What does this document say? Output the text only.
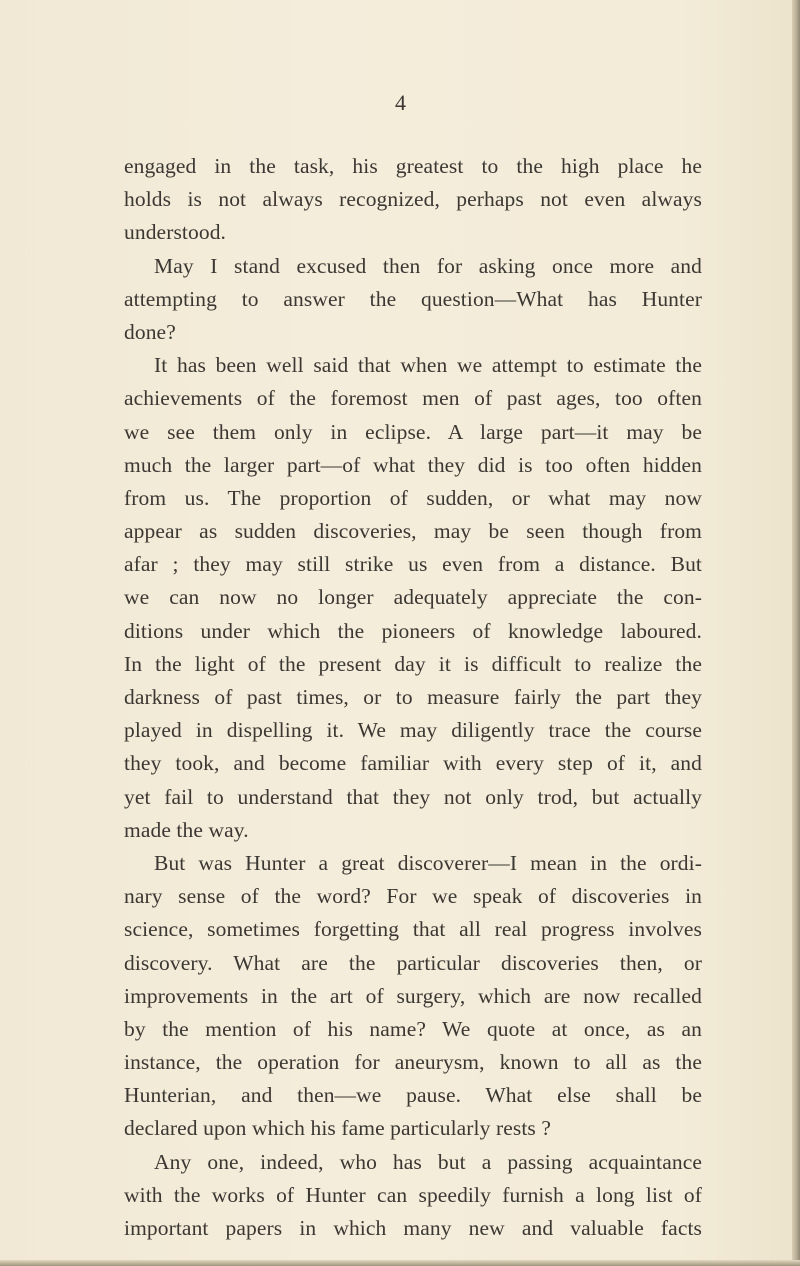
4
engaged in the task, his greatest to the high place he
holds is not always recognized, perhaps not even always
understood.
May I stand excused then for asking once more and
attempting to answer the question—What has Hunter
done?
It has been well said that when we attempt to estimate the
achievements of the foremost men of past ages, too often
we see them only in eclipse. A large part—it may be
much the larger part—of what they did is too often hidden
from us. The proportion of sudden, or what may now
appear as sudden discoveries, may be seen though from
afar ; they may still strike us even from a distance. But
we can now no longer adequately appreciate the con-
ditions under which the pioneers of knowledge laboured.
In the light of the present day it is difficult to realize the
darkness of past times, or to measure fairly the part they
played in dispelling it. We may diligently trace the course
they took, and become familiar with every step of it, and
yet fail to understand that they not only trod, but actually
made the way.
But was Hunter a great discoverer—I mean in the ordi-
nary sense of the word? For we speak of discoveries in
science, sometimes forgetting that all real progress involves
discovery. What are the particular discoveries then, or
improvements in the art of surgery, which are now recalled
by the mention of his name? We quote at once, as an
instance, the operation for aneurysm, known to all as the
Hunterian, and then—we pause. What else shall be
declared upon which his fame particularly rests ?
Any one, indeed, who has but a passing acquaintance
with the works of Hunter can speedily furnish a long list of
important papers in which many new and valuable facts
